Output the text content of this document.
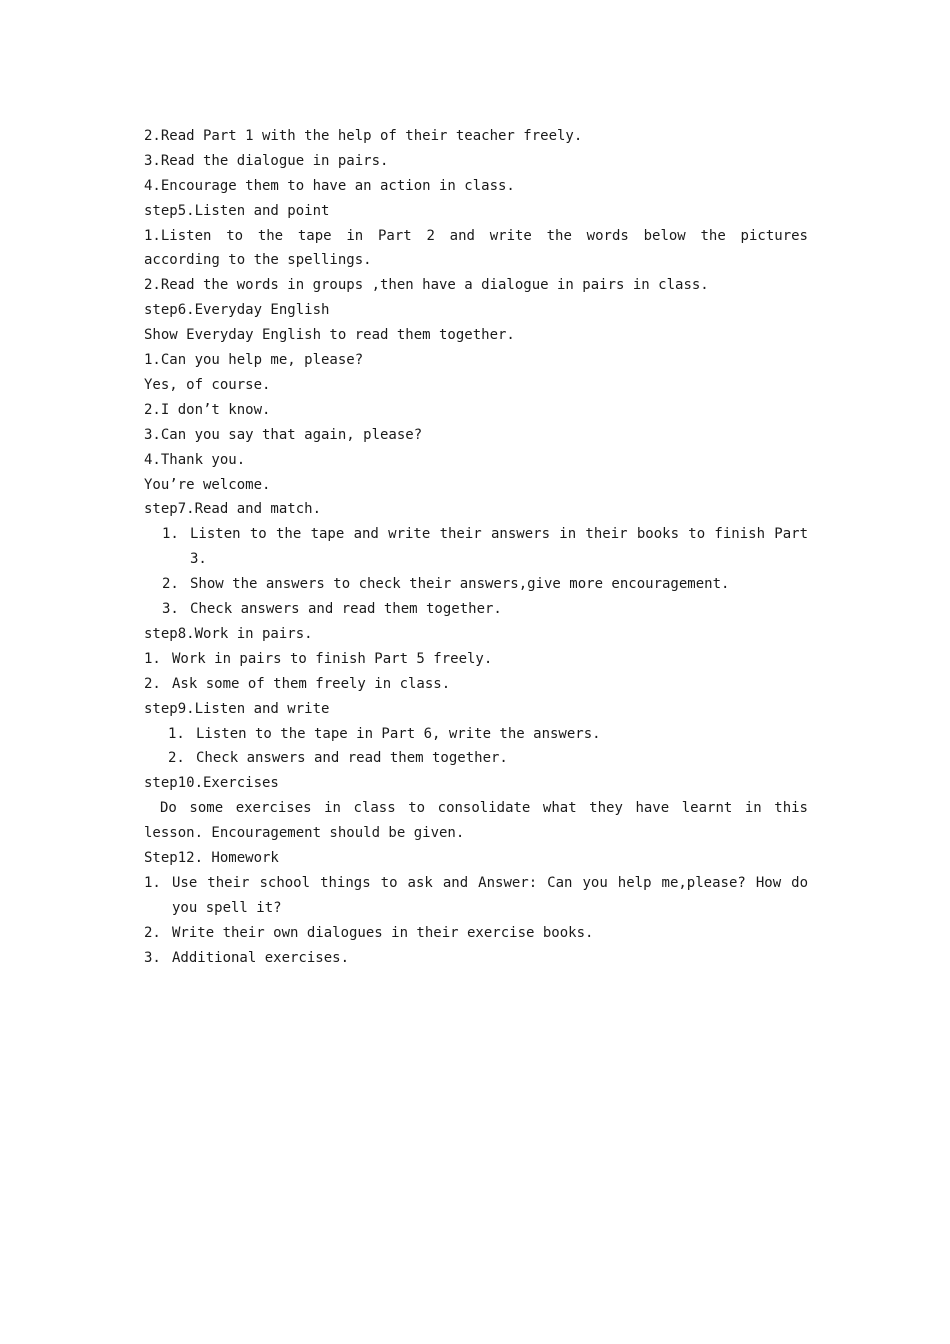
2.Read Part 1 with the help of their teacher freely.
3.Read the dialogue in pairs.
4.Encourage them to have an action in class.
step5.Listen and point
1.Listen to the tape in Part 2 and write the words below the pictures according to the spellings.
2.Read the words in groups ,then have a dialogue in pairs in class.
step6.Everyday English
Show Everyday English to read them together.
1.Can you help me, please?
Yes, of course.
2.I don’t know.
3.Can you say that again, please?
4.Thank you.
You’re welcome.
step7.Read and match.
1. Listen to the tape and write their answers in their books to finish Part 3.
2. Show the answers to check their answers,give more encouragement.
3. Check answers and read them together.
step8.Work in pairs.
1. Work in pairs to finish Part 5 freely.
2. Ask some of them freely in class.
step9.Listen and write
1. Listen to the tape in Part 6, write the answers.
2. Check answers and read them together.
step10.Exercises
Do some exercises in class to consolidate what they have learnt in this lesson. Encouragement should be given.
Step12. Homework
1. Use their school things to ask and Answer: Can you help me,please? How do you spell it?
2. Write their own dialogues in their exercise books.
3. Additional exercises.
